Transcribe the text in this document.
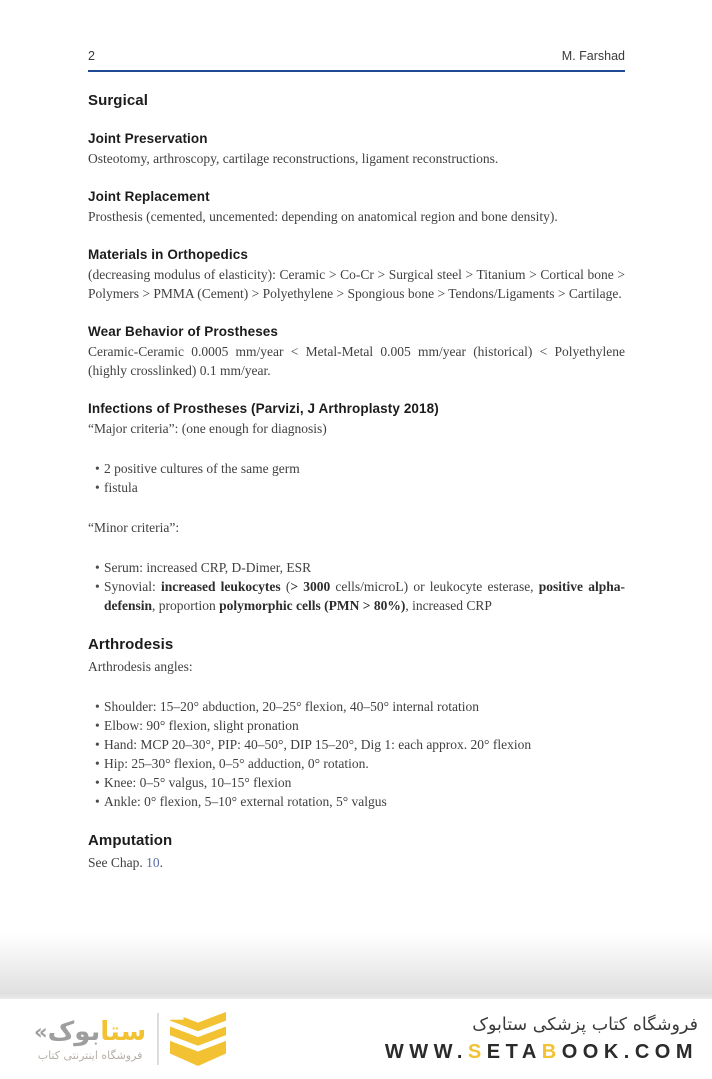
2	M. Farshad
Surgical
Joint Preservation

Osteotomy, arthroscopy, cartilage reconstructions, ligament reconstructions.

Joint Replacement

Prosthesis (cemented, uncemented: depending on anatomical region and bone density).

Materials in Orthopedics

(decreasing modulus of elasticity): Ceramic > Co-Cr > Surgical steel > Titanium > Cortical bone > Polymers > PMMA (Cement) > Polyethylene > Spongious bone > Tendons/Ligaments > Cartilage.

Wear Behavior of Prostheses

Ceramic-Ceramic 0.0005 mm/year < Metal-Metal 0.005 mm/year (historical) < Polyethylene (highly crosslinked) 0.1 mm/year.

Infections of Prostheses (Parvizi, J Arthroplasty 2018)

“Major criteria”: (one enough for diagnosis)

• 2 positive cultures of the same germ
• fistula

“Minor criteria”:

• Serum: increased CRP, D-Dimer, ESR
• Synovial: increased leukocytes (> 3000 cells/microL) or leukocyte esterase, positive alpha-defensin, proportion polymorphic cells (PMN > 80%), increased CRP
Arthrodesis

Arthrodesis angles:

• Shoulder: 15–20° abduction, 20–25° flexion, 40–50° internal rotation
• Elbow: 90° flexion, slight pronation
• Hand: MCP 20–30°, PIP: 40–50°, DIP 15–20°, Dig 1: each approx. 20° flexion
• Hip: 25–30° flexion, 0–5° adduction, 0° rotation.
• Knee: 0–5° valgus, 10–15° flexion
• Ankle: 0° flexion, 5–10° external rotation, 5° valgus
Amputation

See Chap. 10.

« بوک ستا
فروشگاه اینترنتی کتاب
فروشگاه کتاب پزشکی ستابوک
WWW.SETABOOK.COM
